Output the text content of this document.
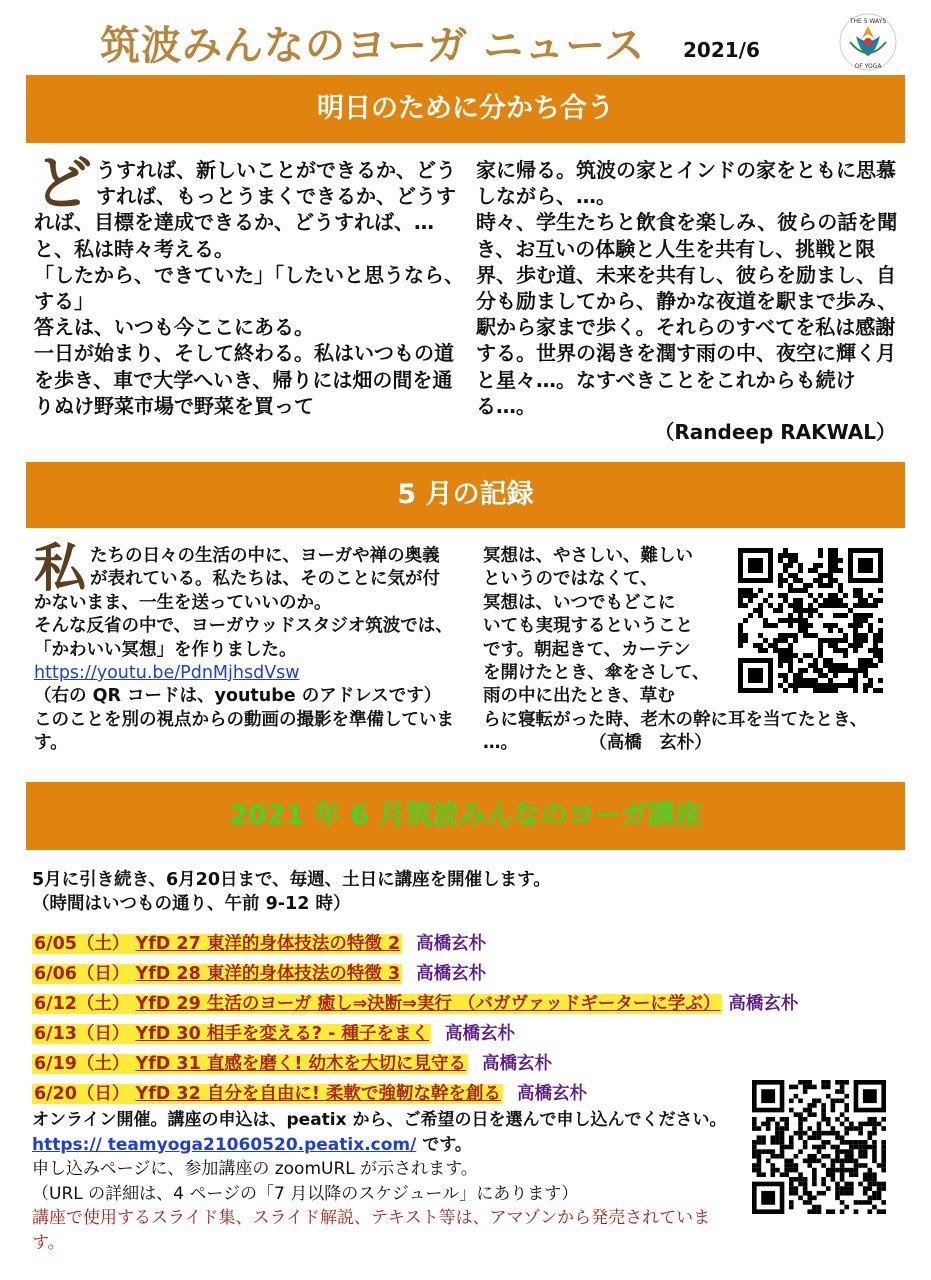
筑波みんなのヨーガ ニュース 2021/6
THE 5 WAYS
OF YOGA
明日のために分かち合う

どうすれば、新しいことができるか、どうすれば、もっとうまくできるか、どうすれば、目標を達成できるか、どうすれば、…と、私は時々考える。

「したから、できていた」「したいと思うなら、する」

答えは、いつも今ここにある。

一日が始まり、そして終わる。私はいつもの道を歩き、車で大学へいき、帰りには畑の間を通りぬけ野菜市場で野菜を買って

家に帰る。筑波の家とインドの家をともに思慕しながら、…。

時々、学生たちと飲食を楽しみ、彼らの話を聞き、お互いの体験と人生を共有し、挑戦と限界、歩む道、未来を共有し、彼らを励まし、自分も励ましてから、静かな夜道を駅まで歩み、駅から家まで歩く。それらのすべてを私は感謝する。世界の渇きを潤す雨の中、夜空に輝く月と星々…。なすべきことをこれからも続ける…。

（Randeep RAKWAL）

5 月の記録

私たちの日々の生活の中に、ヨーガや禅の奥義が表れている。私たちは、そのことに気が付かないまま、一生を送っていいのか。

そんな反省の中で、ヨーガウッドスタジオ筑波では、「かわいい冥想」を作りました。

https://youtu.be/PdnMjhsdVsw

（右の QR コードは、youtube のアドレスです）

このことを別の視点からの動画の撮影を準備しています。

冥想は、やさしい、難しい

というのではなくて、

冥想は、いつでもどこに

いても実現するということ

です。朝起きて、カーテン

を開けたとき、傘をさして、

雨の中に出たとき、草む

らに寝転がった時、老木の幹に耳を当てたとき、

…。	（高橋　玄朴）

2021 年 6 月筑波みんなのヨーガ講座

5月に引き続き、6月20日まで、毎週、土日に講座を開催します。

（時間はいつもの通り、午前 9-12 時）

6/05（土） YfD 27 東洋的身体技法の特徴 2 高橋玄朴
6/06（日） YfD 28 東洋的身体技法の特徴 3 高橋玄朴
6/12（土） YfD 29 生活のヨーガ 癒し⇒決断⇒実行 （バガヴァッドギーターに学ぶ） 高橋玄朴
6/13（日） YfD 30 相手を変える? - 種子をまく 高橋玄朴
6/19（土） YfD 31 直感を磨く! 幼木を大切に見守る 高橋玄朴
6/20（日） YfD 32 自分を自由に! 柔軟で強靭な幹を創る 高橋玄朴

オンライン開催。講座の申込は、peatix から、ご希望の日を選んで申し込んでください。 https:// teamyoga21060520.peatix.com/ です。

申し込みページに、参加講座の zoomURL が示されます。

（URL の詳細は、4 ページの「7 月以降のスケジュール」にあります）

講座で使用するスライド集、スライド解説、テキスト等は、アマゾンから発売されています。
